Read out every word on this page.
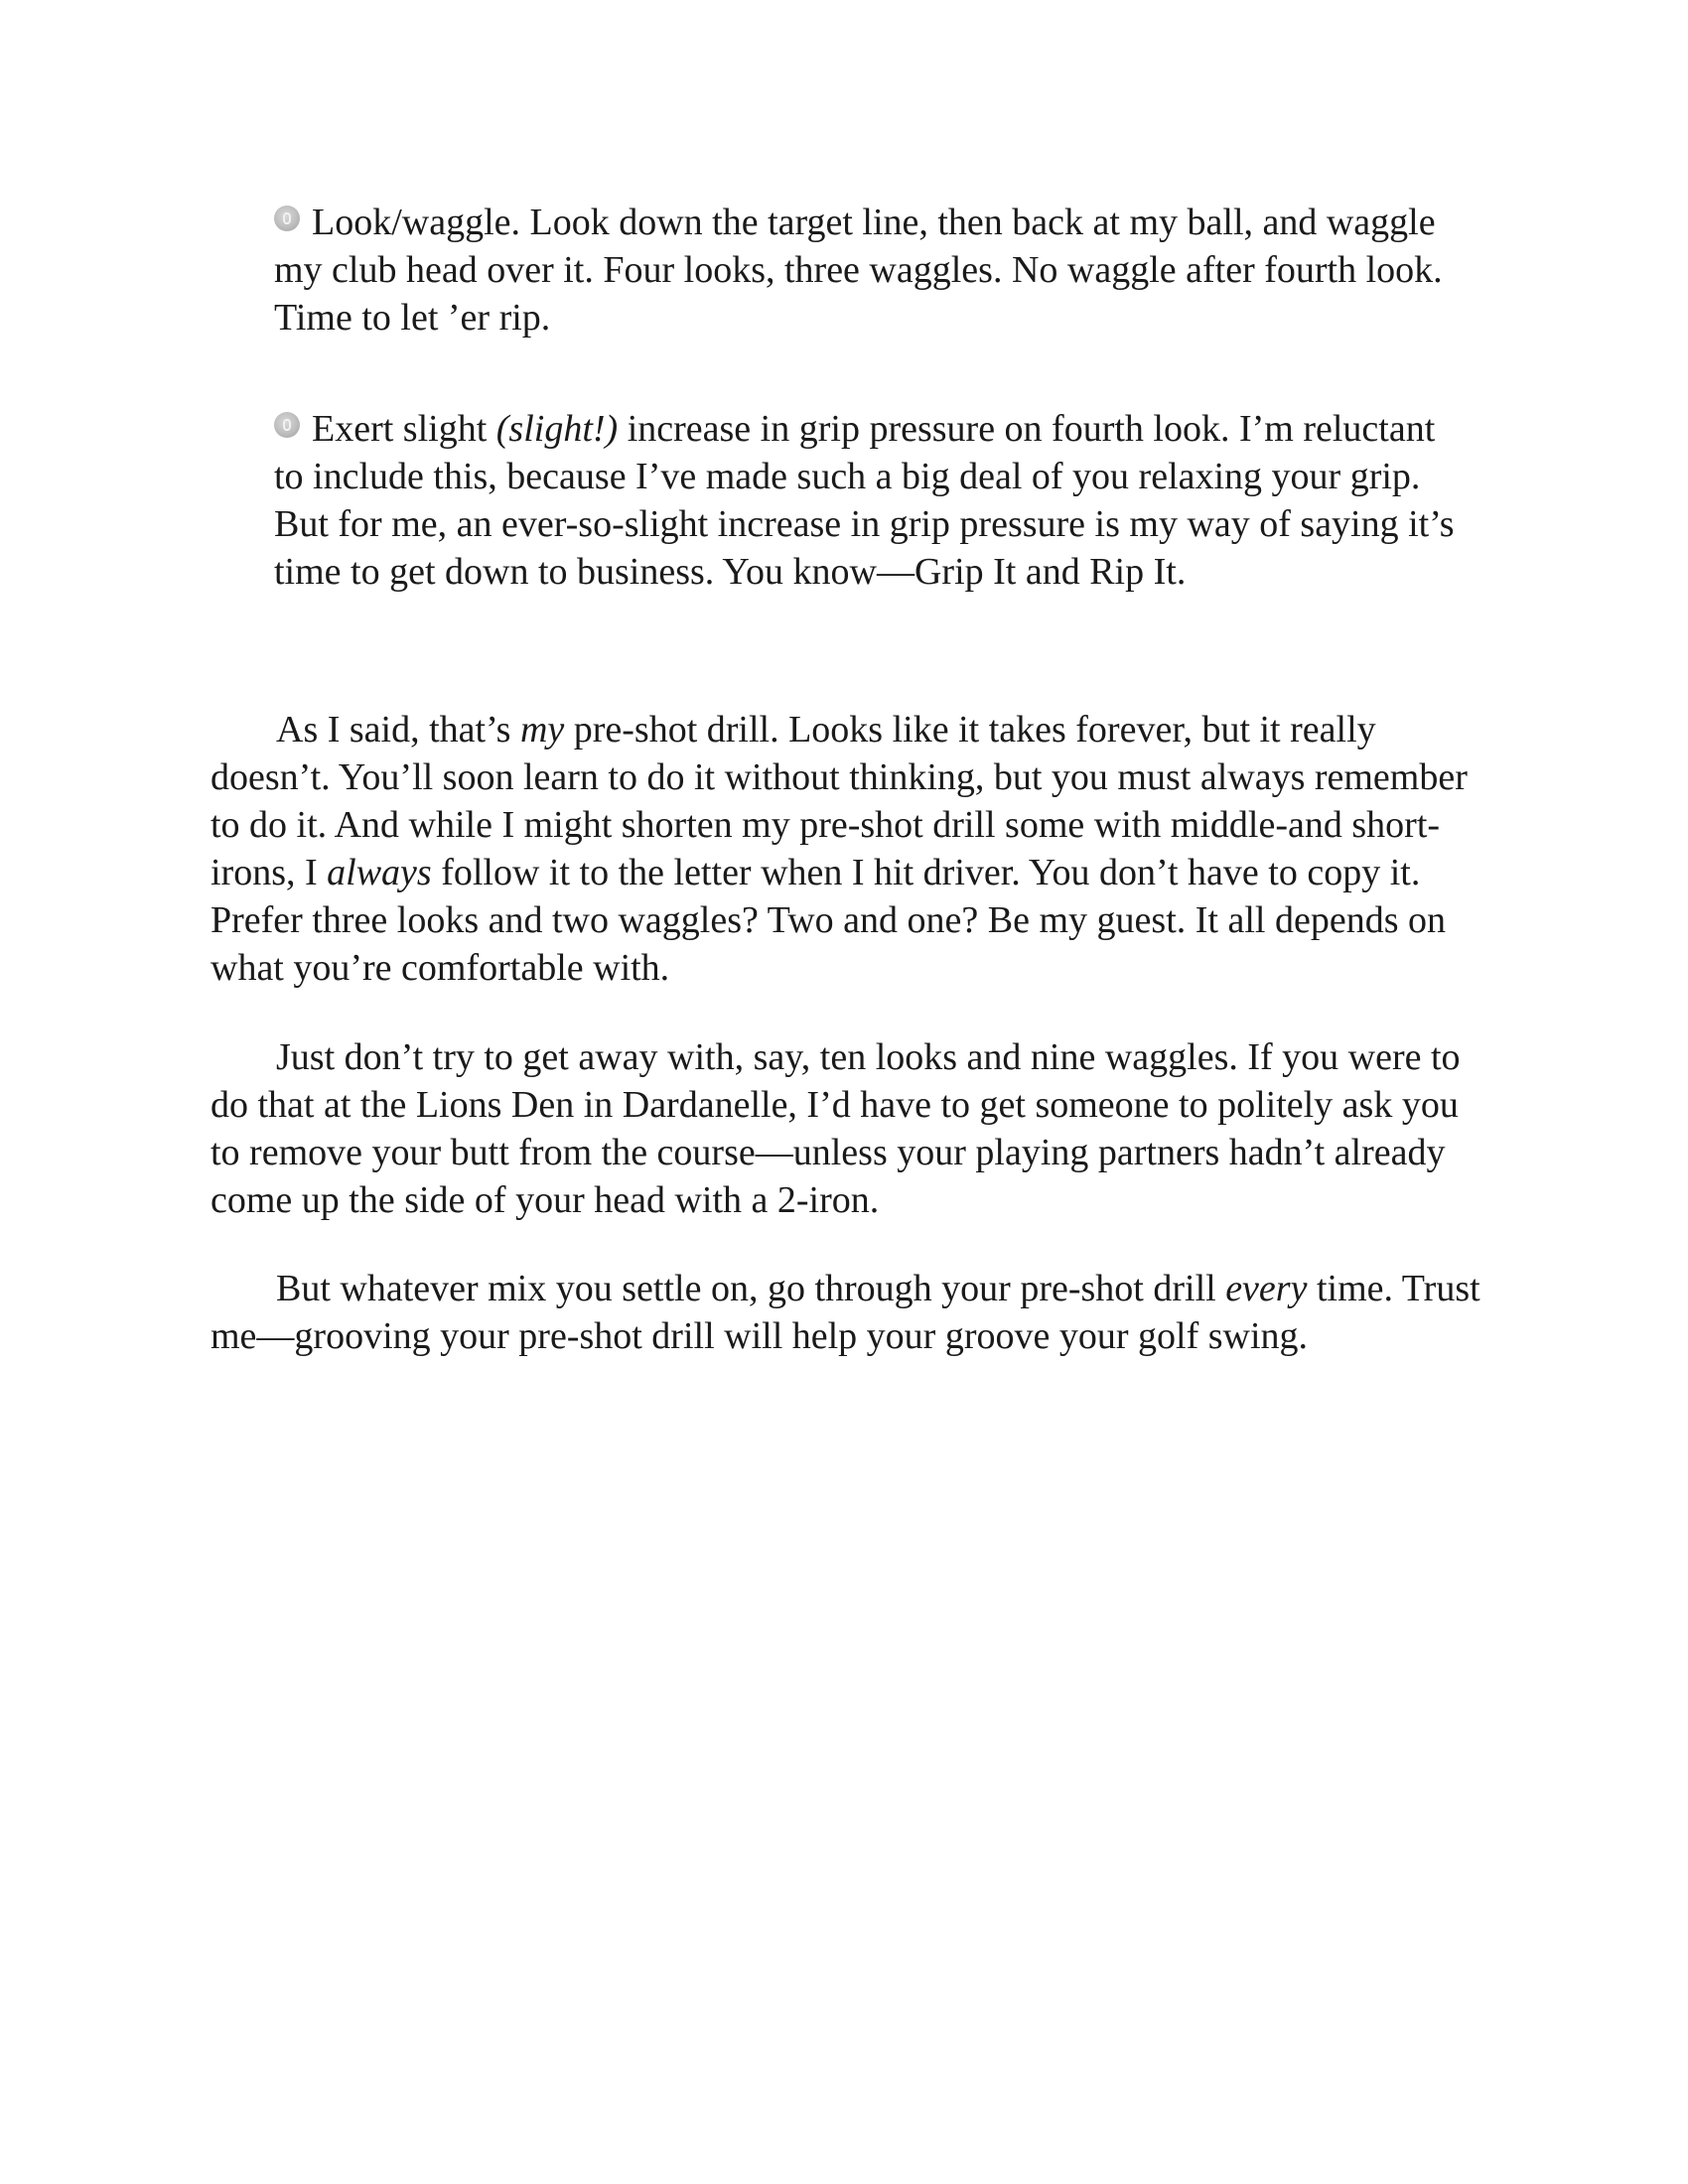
Look/waggle. Look down the target line, then back at my ball, and waggle my club head over it. Four looks, three waggles. No waggle after fourth look. Time to let ’er rip.

Exert slight (slight!) increase in grip pressure on fourth look. I’m reluctant to include this, because I’ve made such a big deal of you relaxing your grip. But for me, an ever-so-slight increase in grip pressure is my way of saying it’s time to get down to business. You know—Grip It and Rip It.

As I said, that’s my pre-shot drill. Looks like it takes forever, but it really doesn’t. You’ll soon learn to do it without thinking, but you must always remember to do it. And while I might shorten my pre-shot drill some with middle-and short-irons, I always follow it to the letter when I hit driver. You don’t have to copy it. Prefer three looks and two waggles? Two and one? Be my guest. It all depends on what you’re comfortable with.

Just don’t try to get away with, say, ten looks and nine waggles. If you were to do that at the Lions Den in Dardanelle, I’d have to get someone to politely ask you to remove your butt from the course—unless your playing partners hadn’t already come up the side of your head with a 2-iron.

But whatever mix you settle on, go through your pre-shot drill every time. Trust me—grooving your pre-shot drill will help your groove your golf swing.
